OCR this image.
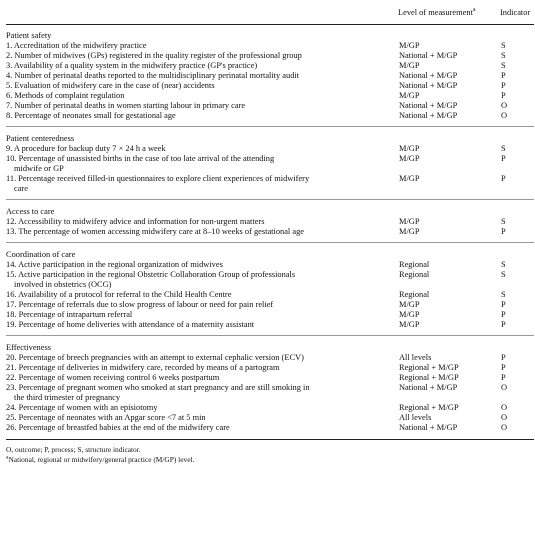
	Level of measurement$^a$	Indicator
Patient safety		

1. Accreditation of the midwifery practice	M/GP	S

2. Number of midwives (GPs) registered in the quality register of the professional group	National + M/GP	S

3. Availability of a quality system in the midwifery practice (GP's practice)	M/GP	S

4. Number of perinatal deaths reported to the multidisciplinary perinatal mortality audit	National + M/GP	P

5. Evaluation of midwifery care in the case of (near) accidents	National + M/GP	P

6. Methods of complaint regulation	M/GP	P

7. Number of perinatal deaths in women starting labour in primary care	National + M/GP	O

8. Percentage of neonates small for gestational age	National + M/GP	O
Patient centeredness		

9. A procedure for backup duty 7 × 24 h a week	M/GP	S

10. Percentage of unassisted births in the case of too late arrival of the attending
midwife or GP	M/GP	P

11. Percentage received filled-in questionnaires to explore client experiences of midwifery
care	M/GP	P
Access to care		

12. Accessibility to midwifery advice and information for non-urgent matters	M/GP	S

13. The percentage of women accessing midwifery care at 8–10 weeks of gestational age	M/GP	P
Coordination of care		

14. Active participation in the regional organization of midwives	Regional	S

15. Active participation in the regional Obstetric Collaboration Group of professionals
involved in obstetrics (OCG)	Regional	S

16. Availability of a protocol for referral to the Child Health Centre	Regional	S

17. Percentage of referrals due to slow progress of labour or need for pain relief	M/GP	P

18. Percentage of intrapartum referral	M/GP	P

19. Percentage of home deliveries with attendance of a maternity assistant	M/GP	P
Effectiveness		

20. Percentage of breech pregnancies with an attempt to external cephalic version (ECV)	All levels	P

21. Percentage of deliveries in midwifery care, recorded by means of a partogram	Regional + M/GP	P

22. Percentage of women receiving control 6 weeks postpartum	Regional + M/GP	P

23. Percentage of pregnant women who smoked at start pregnancy and are still smoking in
the third trimester of pregnancy	National + M/GP	O

24. Percentage of women with an episiotomy	Regional + M/GP	O

25. Percentage of neonates with an Apgar score <7 at 5 min	All levels	O

26. Percentage of breastfed babies at the end of the midwifery care	National + M/GP	O
O, outcome; P, process; S, structure indicator.
$^a$National, regional or midwifery/general practice (M/GP) level.
